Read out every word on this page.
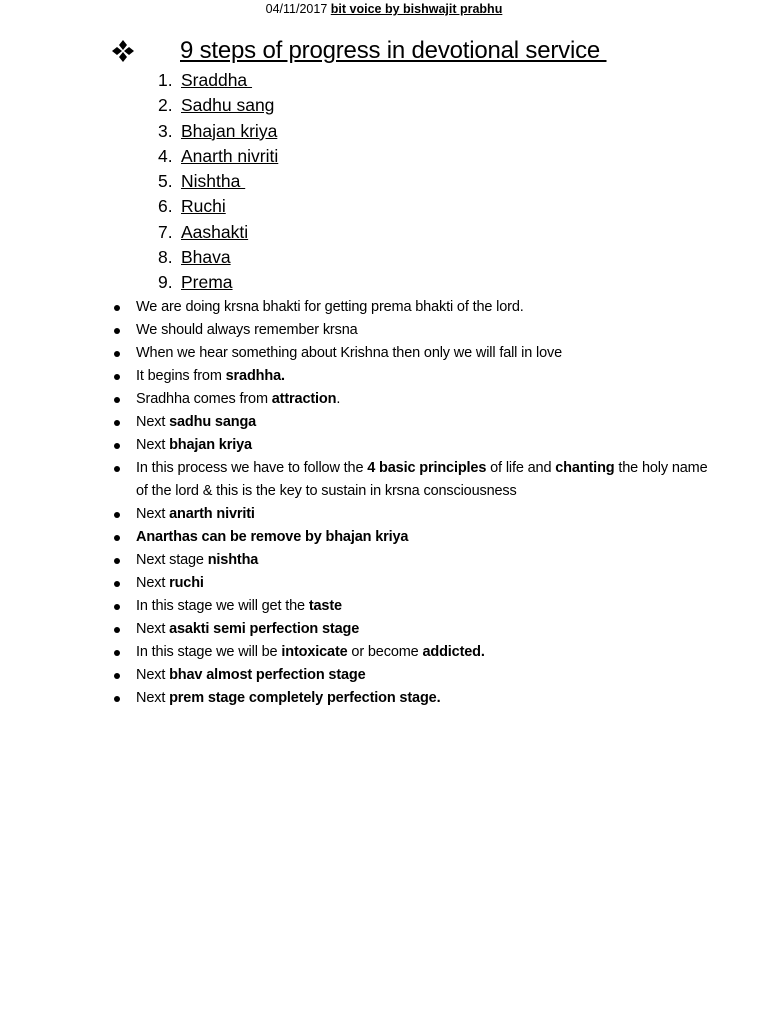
04/11/2017 bit voice by bishwajit prabhu
9 steps of progress in devotional service
1. Sraddha
2. Sadhu sang
3. Bhajan kriya
4. Anarth nivriti
5. Nishtha
6. Ruchi
7. Aashakti
8. Bhava
9. Prema
We are doing krsna bhakti for getting prema bhakti of the lord.
We should always remember krsna
When we hear something about Krishna then only we will fall in love
It begins from sradhha.
Sradhha comes from attraction.
Next sadhu sanga
Next bhajan kriya
In this process we have to follow the 4 basic principles of life and chanting the holy name of the lord & this is the key to sustain in krsna consciousness
Next anarth nivriti
Anarthas can be remove by bhajan kriya
Next stage nishtha
Next ruchi
In this stage we will get the taste
Next asakti semi perfection stage
In this stage we will be intoxicate or become addicted.
Next bhav almost perfection stage
Next prem stage completely perfection stage.
